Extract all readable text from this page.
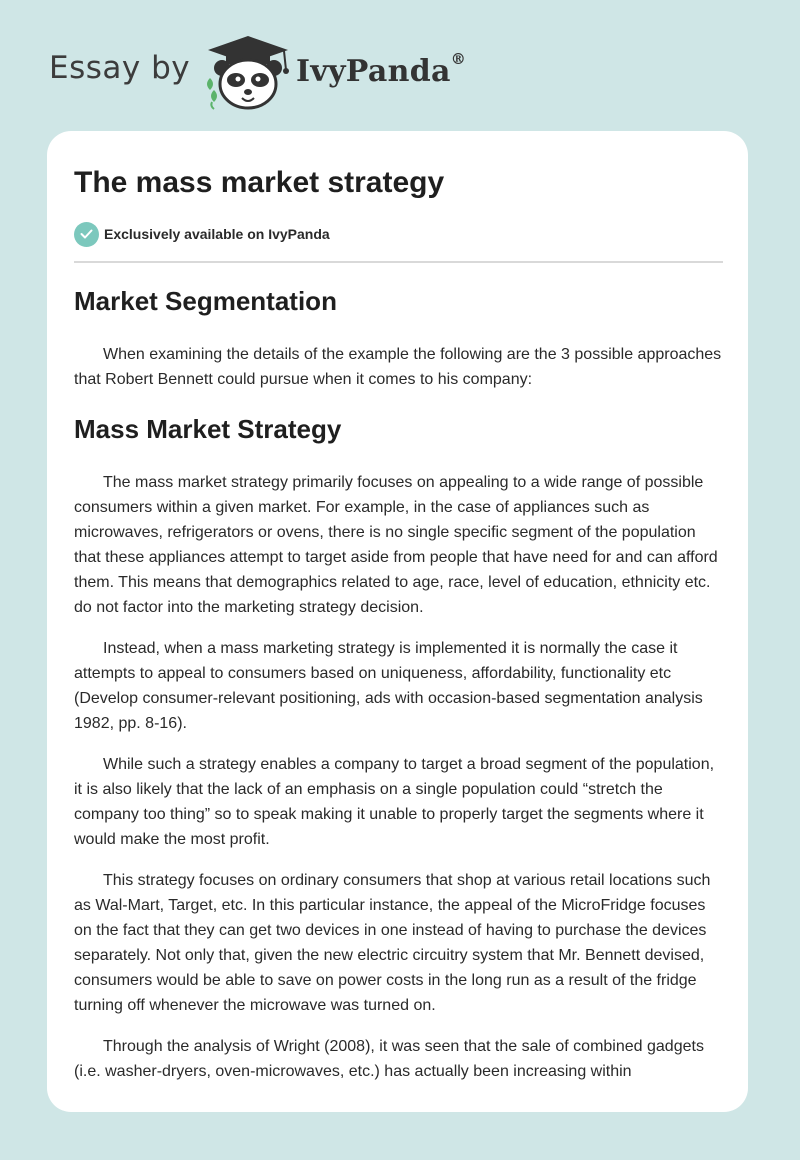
Essay by	IvyPanda®
The mass market strategy
Exclusively available on IvyPanda
Market Segmentation

When examining the details of the example the following are the 3 possible approaches that Robert Bennett could pursue when it comes to his company:

Mass Market Strategy

The mass market strategy primarily focuses on appealing to a wide range of possible consumers within a given market. For example, in the case of appliances such as microwaves, refrigerators or ovens, there is no single specific segment of the population that these appliances attempt to target aside from people that have need for and can afford them. This means that demographics related to age, race, level of education, ethnicity etc. do not factor into the marketing strategy decision.

Instead, when a mass marketing strategy is implemented it is normally the case it attempts to appeal to consumers based on uniqueness, affordability, functionality etc (Develop consumer-relevant positioning, ads with occasion-based segmentation analysis 1982, pp. 8-16).

While such a strategy enables a company to target a broad segment of the population, it is also likely that the lack of an emphasis on a single population could “stretch the company too thing” so to speak making it unable to properly target the segments where it would make the most profit.

This strategy focuses on ordinary consumers that shop at various retail locations such as Wal-Mart, Target, etc. In this particular instance, the appeal of the MicroFridge focuses on the fact that they can get two devices in one instead of having to purchase the devices separately. Not only that, given the new electric circuitry system that Mr. Bennett devised, consumers would be able to save on power costs in the long run as a result of the fridge turning off whenever the microwave was turned on.

Through the analysis of Wright (2008), it was seen that the sale of combined gadgets (i.e. washer-dryers, oven-microwaves, etc.) has actually been increasing within
